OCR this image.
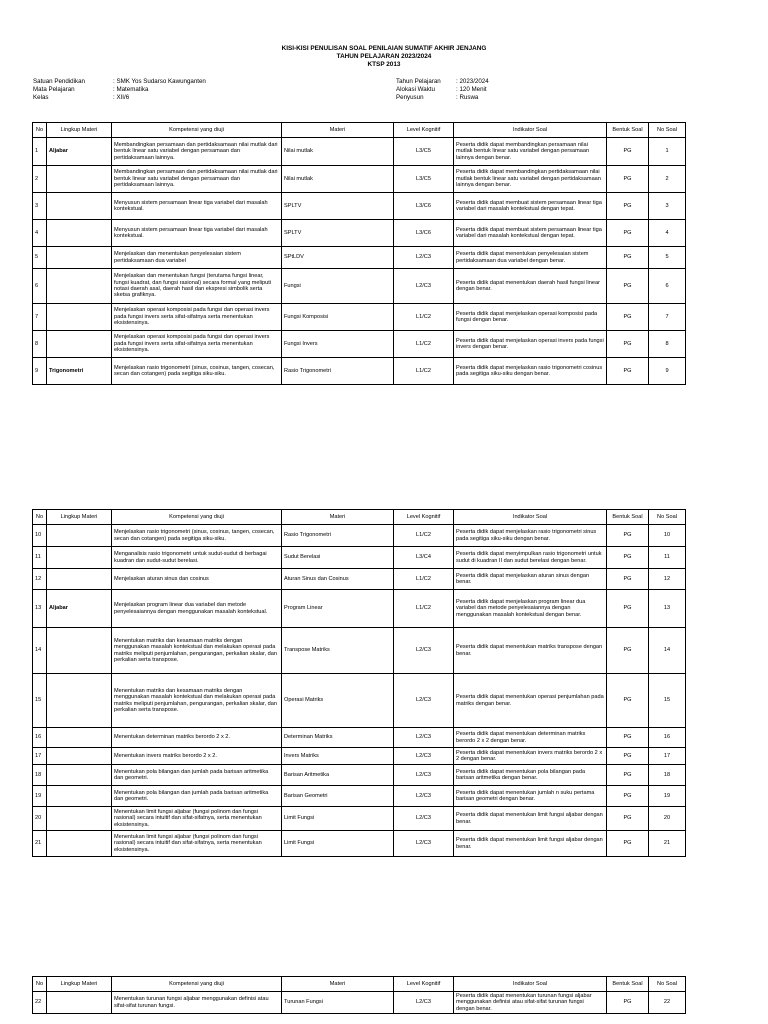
KISI-KISI PENULISAN SOAL PENILAIAN SUMATIF AKHIR JENJANG
TAHUN PELAJARAN 2023/2024
KTSP 2013
Satuan Pendidikan	: SMK Yos Sudarso Kawunganten
Mata Pelajaran	: Matematika
Kelas	: XII/6
Tahun Pelajaran	: 2023/2024
Alokasi Waktu	: 120 Menit
Penyusun	: Ruswa
No	Lingkup Materi	Kompetensi yang diuji	Materi	Level Kognitif	Indikator Soal	Bentuk Soal	No Soal
1	Aljabar	Membandingkan persamaan dan pertidaksamaan nilai mutlak dari bentuk linear satu variabel dengan persamaan dan pertidaksamaan lainnya.	Nilai mutlak	L3/C5	Peserta didik dapat membandingkan persamaan nilai mutlak bentuk linear satu variabel dengan persamaan lainnya dengan benar.	PG	1
2		Membandingkan persamaan dan pertidaksamaan nilai mutlak dari bentuk linear satu variabel dengan persamaan dan pertidaksamaan lainnya.	Nilai mutlak	L3/C5	Peserta didik dapat membandingkan pertidaksamaan nilai mutlak bentuk linear satu variabel dengan pertidaksamaan lainnya dengan benar.	PG	2
3		Menyusun sistem persamaan linear tiga variabel dari masalah kontekstual.	SPLTV	L3/C6	Peserta didik dapat membuat sistem persamaan linear tiga variabel dari masalah kontekstual dengan tepat.	PG	3
4		Menyusun sistem persamaan linear tiga variabel dari masalah kontekstual.	SPLTV	L3/C6	Peserta didik dapat membuat sistem persamaan linear tiga variabel dari masalah kontekstual dengan tepat.	PG	4
5		Menjelaskan dan menentukan penyelesaian sistem pertidaksamaan dua variabel	SPtLDV	L2/C3	Peserta didik dapat menentukan penyelesaian sistem pertidaksamaan dua variabel dengan benar.	PG	5
6		Menjelaskan dan menentukan fungsi (terutama fungsi linear, fungsi kuadrat, dan fungsi rasional) secara formal yang meliputi notasi daerah asal, daerah hasil dan ekspresi simbolik serta sketsa grafiknya.	Fungsi	L2/C3	Peserta didik dapat menentukan daerah hasil fungsi linear dengan benar.	PG	6
7		Menjelaskan operasi komposisi pada fungsi dan operasi invers pada fungsi invers serta sifat-sifatnya serta menentukan eksistensinya.	Fungsi Komposisi	L1/C2	Peserta didik dapat menjelaskan operasi komposisi pada fungsi dengan benar.	PG	7
8		Menjelaskan operasi komposisi pada fungsi dan operasi invers pada fungsi invers serta sifat-sifatnya serta menentukan eksistensinya.	Fungsi Invers	L1/C2	Peserta didik dapat menjelaskan operasi invers pada fungsi invers dengan benar.	PG	8
9	Trigonometri	Menjelaskan rasio trigonometri (sinus, cosinus, tangen, cosecan, secan dan cotangen) pada segitiga siku-siku.	Rasio Trigonometri	L1/C2	Peserta didik dapat menjelaskan rasio trigonometri cosinus pada segitiga siku-siku dengan benar.	PG	9
No	Lingkup Materi	Kompetensi yang diuji	Materi	Level Kognitif	Indikator Soal	Bentuk Soal	No Soal
10		Menjelaskan rasio trigonometri (sinus, cosinus, tangen, cosecan, secan dan cotangen) pada segitiga siku-siku.	Rasio Trigonometri	L1/C2	Peserta didik dapat menjelaskan rasio trigonometri sinus pada segitiga siku-siku dengan benar.	PG	10
11		Menganalisis rasio trigonometri untuk sudut-sudut di berbagai kuadran dan sudut-sudut berelasi.	Sudut Berelasi	L3/C4	Peserta didik dapat menyimpulkan rasio trigonometri untuk sudut di kuadran II dan sudut berelasi dengan benar.	PG	11
12		Menjelaskan aturan sinus dan cosinus	Aturan Sinus dan Cosinus	L1/C2	Peserta didik dapat menjelaskan aturan sinus dengan benar.	PG	12
13	Aljabar	Menjelaskan program linear dua variabel dan metode penyelesaiannya dengan menggunakan masalah kontekstual.	Program Linear	L1/C2	Peserta didik dapat menjelaskan program linear dua variabel dan metode penyelesaiannya dengan menggunakan masalah kontekstual dengan benar.	PG	13
14		Menentukan matriks dan kesamaan matriks dengan menggunakan masalah kontekstual dan melakukan operasi pada matriks meliputi penjumlahan, pengurangan, perkalian skalar, dan perkalian serta transpose.	Transpose Matriks	L2/C3	Peserta didik dapat menentukan matriks transpose dengan benar.	PG	14
15		Menentukan matriks dan kesamaan matriks dengan menggunakan masalah kontekstual dan melakukan operasi pada matriks meliputi penjumlahan, pengurangan, perkalian skalar, dan perkalian serta transpose.	Operasi Matriks	L2/C3	Peserta didik dapat menentukan operasi penjumlahan pada matriks dengan benar.	PG	15
16		Menentukan determinan matriks berordo 2 x 2.	Determinan Matriks	L2/C3	Peserta didik dapat menentukan determinan matriks berordo 2 x 2 dengan benar.	PG	16
17		Menentukan invers matriks berordo 2 x 2.	Invers Matriks	L2/C3	Peserta didik dapat menentukan invers matriks berordo 2 x 2 dengan benar.	PG	17
18		Menentukan pola bilangan dan jumlah pada barisan aritmetika dan geometri.	Barisan Aritmetika	L2/C3	Peserta didik dapat menentukan pola bilangan pada barisan aritmetika dengan benar.	PG	18
19		Menentukan pola bilangan dan jumlah pada barisan aritmetika dan geometri.	Barisan Geometri	L2/C3	Peserta didik dapat menentukan jumlah n suku pertama barisan geometri dengan benar.	PG	19
20		Menentukan limit fungsi aljabar (fungsi polinom dan fungsi rasional) secara intuitif dan sifat-sifatnya, serta menentukan eksistensinya.	Limit Fungsi	L2/C3	Peserta didik dapat menentukan limit fungsi aljabar dengan benar.	PG	20
21		Menentukan limit fungsi aljabar (fungsi polinom dan fungsi rasional) secara intuitif dan sifat-sifatnya, serta menentukan eksistensinya.	Limit Fungsi	L2/C3	Peserta didik dapat menentukan limit fungsi aljabar dengan benar.	PG	21
No	Lingkup Materi	Kompetensi yang diuji	Materi	Level Kognitif	Indikator Soal	Bentuk Soal	No Soal
22		Menentukan turunan fungsi aljabar menggunakan definisi atau sifat-sifat turunan fungsi.	Turunan Fungsi	L2/C3	Peserta didik dapat menentukan turunan fungsi aljabar menggunakan definisi atau sifat-sifat turunan fungsi dengan benar.	PG	22
